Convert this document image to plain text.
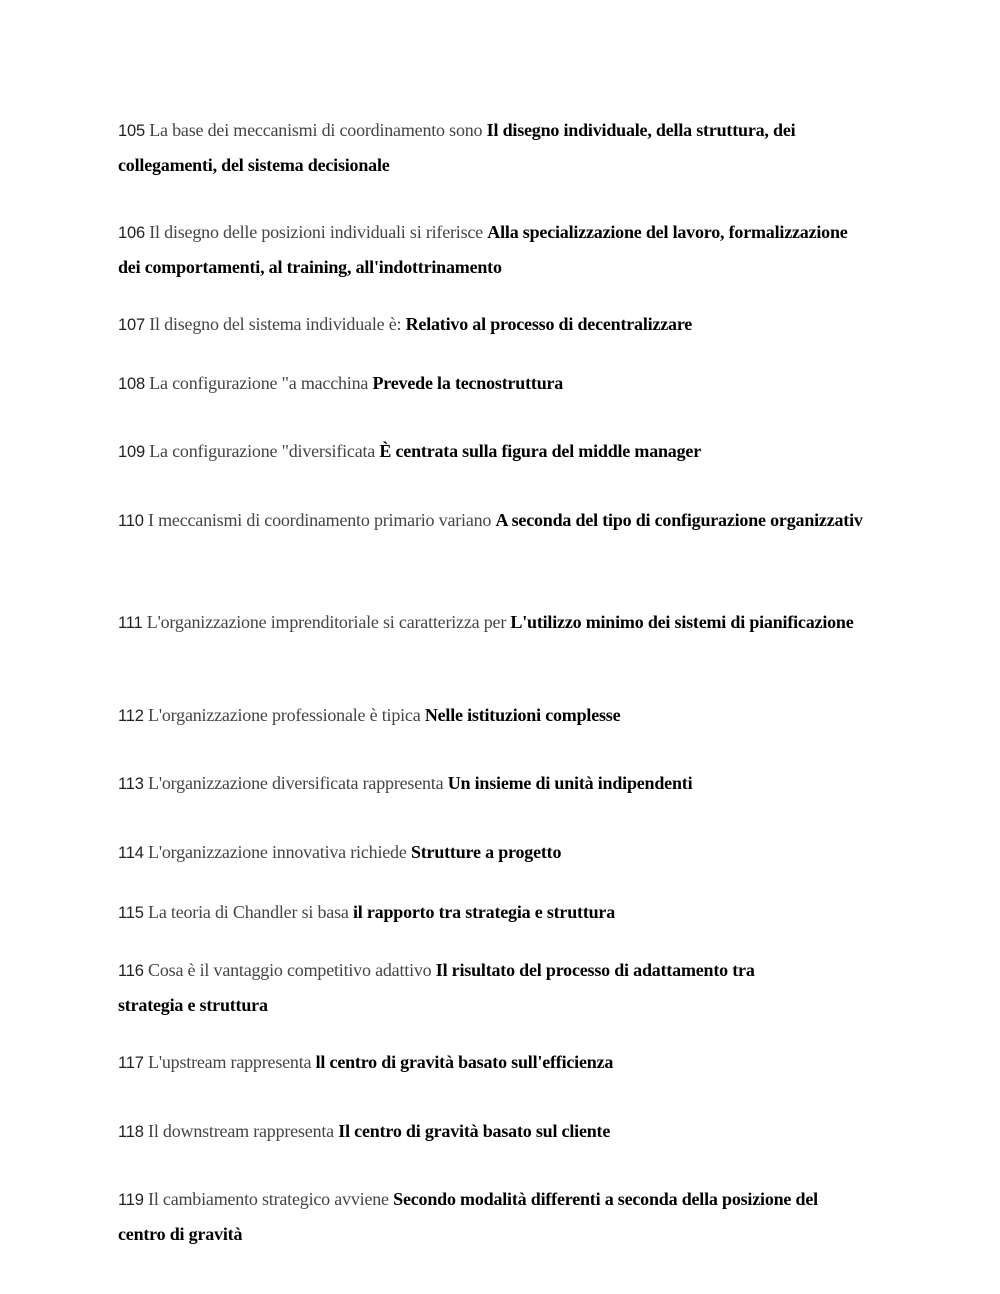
105 La base dei meccanismi di coordinamento sono Il disegno individuale, della struttura, dei collegamenti, del sistema decisionale
106 Il disegno delle posizioni individuali si riferisce Alla specializzazione del lavoro, formalizzazione dei comportamenti, al training, all'indottrinamento
107 Il disegno del sistema individuale è: Relativo al processo di decentralizzare
108 La configurazione "a macchina Prevede la tecnostruttura
109 La configurazione "diversificata È centrata sulla figura del middle manager
110 I meccanismi di coordinamento primario variano A seconda del tipo di configurazione organizzativ
111 L'organizzazione imprenditoriale si caratterizza per L'utilizzo minimo dei sistemi di pianificazione
112 L'organizzazione professionale è tipica Nelle istituzioni complesse
113 L'organizzazione diversificata rappresenta Un insieme di unità indipendenti
114 L'organizzazione innovativa richiede Strutture a progetto
115 La teoria di Chandler si basa il rapporto tra strategia e struttura
116 Cosa è il vantaggio competitivo adattivo Il risultato del processo di adattamento tra strategia e struttura
117 L'upstream rappresenta ll centro di gravità basato sull'efficienza
118 Il downstream rappresenta Il centro di gravità basato sul cliente
119 Il cambiamento strategico avviene Secondo modalità differenti a seconda della posizione del centro di gravità
